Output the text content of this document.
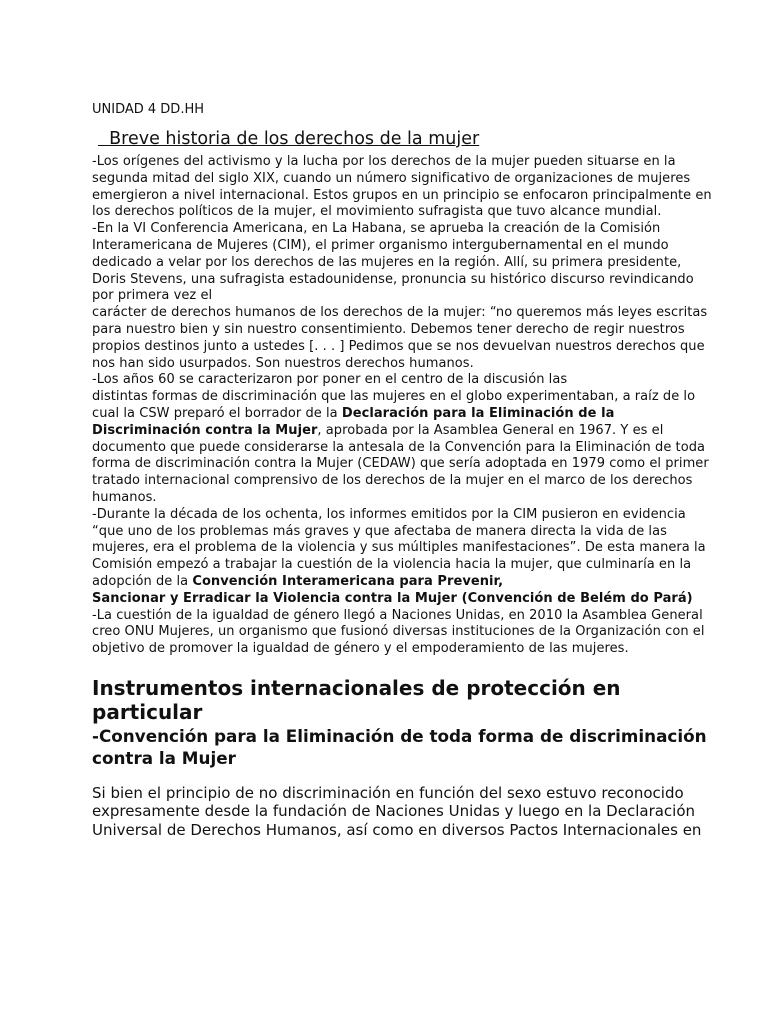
UNIDAD 4 DD.HH
Breve historia de los derechos de la mujer
-Los orígenes del activismo y la lucha por los derechos de la mujer pueden situarse en la segunda mitad del siglo XIX, cuando un número significativo de organizaciones de mujeres emergieron a nivel internacional. Estos grupos en un principio se enfocaron principalmente en los derechos políticos de la mujer, el movimiento sufragista que tuvo alcance mundial.
-En la VI Conferencia Americana, en La Habana, se aprueba la creación de la Comisión Interamericana de Mujeres (CIM), el primer organismo intergubernamental en el mundo dedicado a velar por los derechos de las mujeres en la región. Allí, su primera presidente, Doris Stevens, una sufragista estadounidense, pronuncia su histórico discurso revindicando por primera vez el
carácter de derechos humanos de los derechos de la mujer: “no queremos más leyes escritas para nuestro bien y sin nuestro consentimiento. Debemos tener derecho de regir nuestros propios destinos junto a ustedes [. . . ] Pedimos que se nos devuelvan nuestros derechos que nos han sido usurpados. Son nuestros derechos humanos.
-Los años 60 se caracterizaron por poner en el centro de la discusión las
distintas formas de discriminación que las mujeres en el globo experimentaban, a raíz de lo cual la CSW preparó el borrador de la Declaración para la Eliminación de la Discriminación contra la Mujer, aprobada por la Asamblea General en 1967. Y es el documento que puede considerarse la antesala de la Convención para la Eliminación de toda forma de discriminación contra la Mujer (CEDAW) que sería adoptada en 1979 como el primer tratado internacional comprensivo de los derechos de la mujer en el marco de los derechos humanos.
-Durante la década de los ochenta, los informes emitidos por la CIM pusieron en evidencia “que uno de los problemas más graves y que afectaba de manera directa la vida de las mujeres, era el problema de la violencia y sus múltiples manifestaciones”. De esta manera la Comisión empezó a trabajar la cuestión de la violencia hacia la mujer, que culminaría en la adopción de la Convención Interamericana para Prevenir,
Sancionar y Erradicar la Violencia contra la Mujer (Convención de Belém do Pará)
-La cuestión de la igualdad de género llegó a Naciones Unidas, en 2010 la Asamblea General creo ONU Mujeres, un organismo que fusionó diversas instituciones de la Organización con el objetivo de promover la igualdad de género y el empoderamiento de las mujeres.
Instrumentos internacionales de protección en particular
-Convención para la Eliminación de toda forma de discriminación contra la Mujer

Si bien el principio de no discriminación en función del sexo estuvo reconocido expresamente desde la fundación de Naciones Unidas y luego en la Declaración Universal de Derechos Humanos, así como en diversos Pactos Internacionales en
